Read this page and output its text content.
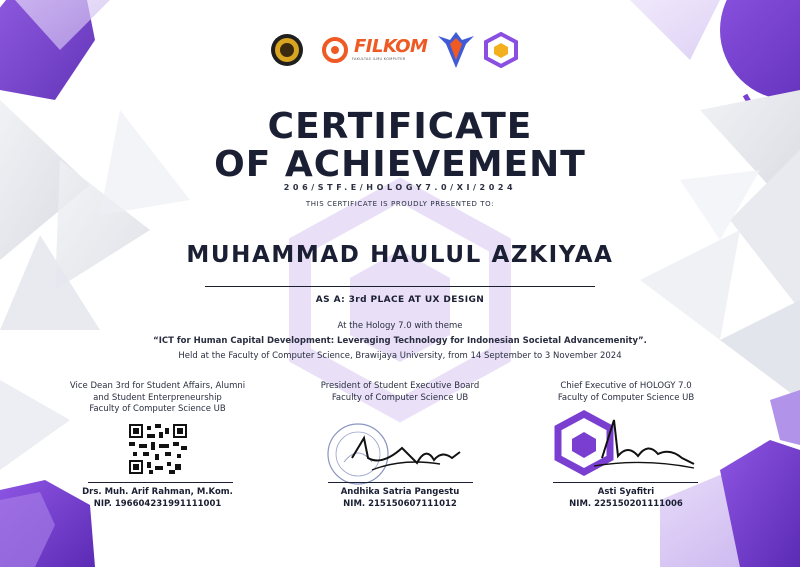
FILKOM
FAKULTAS ILMU KOMPUTER
CERTIFICATE
OF ACHIEVEMENT
206/STF.E/HOLOGY7.0/XI/2024
THIS CERTIFICATE IS PROUDLY PRESENTED TO:
MUHAMMAD HAULUL AZKIYAA
AS A: 3rd PLACE AT UX DESIGN
At the Hology 7.0 with theme
“ICT for Human Capital Development: Leveraging Technology for Indonesian Societal Advancemenity”.
Held at the Faculty of Computer Science, Brawijaya University, from 14 September to 3 November 2024
Vice Dean 3rd for Student Affairs, Alumni
and Student Enterpreneurship
Faculty of Computer Science UB
Drs. Muh. Arif Rahman, M.Kom.
NIP. 196604231991111001
President of Student Executive Board
Faculty of Computer Science UB
Andhika Satria Pangestu
NIM. 215150607111012
Chief Executive of HOLOGY 7.0
Faculty of Computer Science UB
Asti Syafitri
NIM. 225150201111006
